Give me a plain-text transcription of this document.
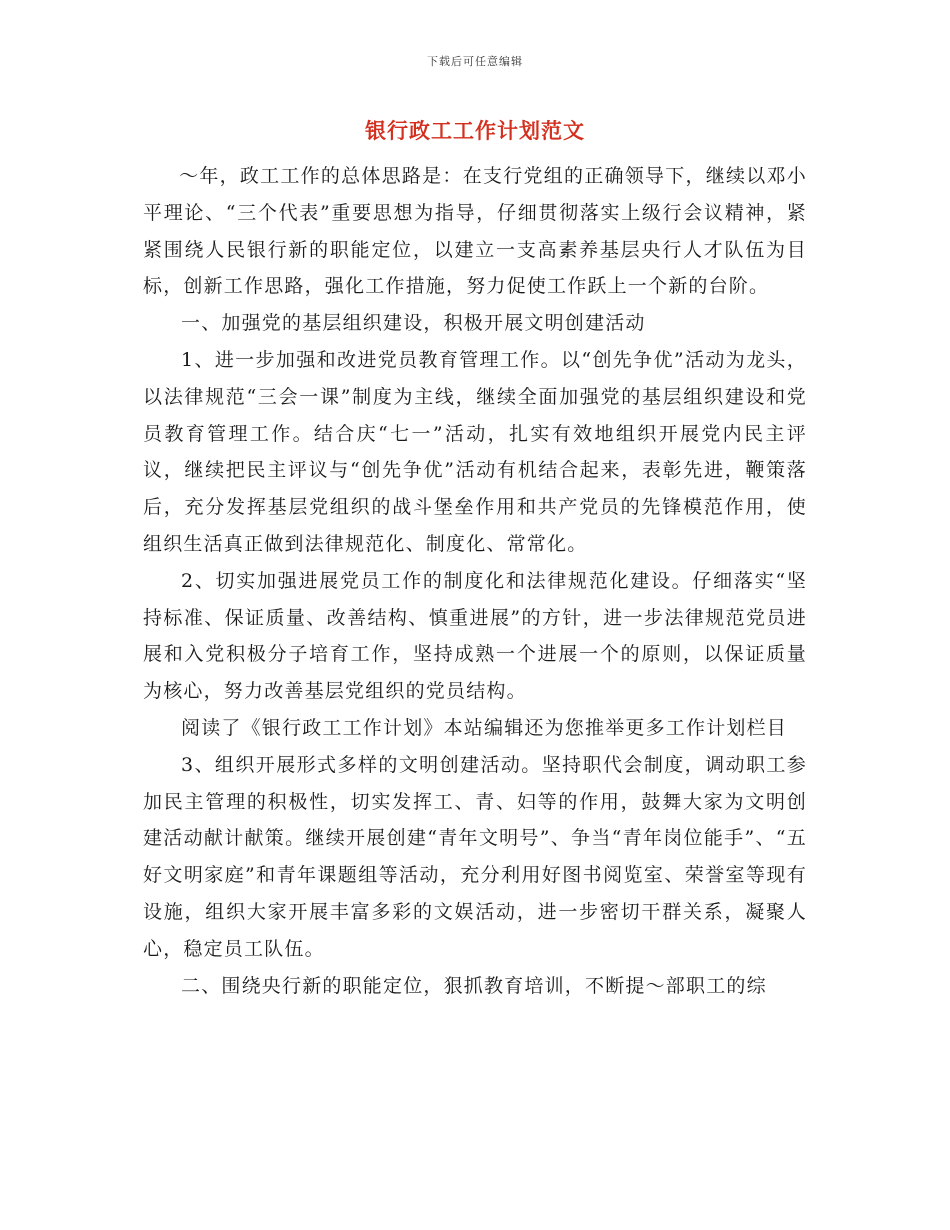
下载后可任意编辑
银行政工工作计划范文

～年，政工工作的总体思路是：在支行党组的正确领导下，继续以邓小平理论、“三个代表”重要思想为指导，仔细贯彻落实上级行会议精神，紧紧围绕人民银行新的职能定位，以建立一支高素养基层央行人才队伍为目标，创新工作思路，强化工作措施，努力促使工作跃上一个新的台阶。

一、加强党的基层组织建设，积极开展文明创建活动

1、进一步加强和改进党员教育管理工作。以“创先争优”活动为龙头，以法律规范“三会一课”制度为主线，继续全面加强党的基层组织建设和党员教育管理工作。结合庆“七一”活动，扎实有效地组织开展党内民主评议，继续把民主评议与“创先争优”活动有机结合起来，表彰先进，鞭策落后，充分发挥基层党组织的战斗堡垒作用和共产党员的先锋模范作用，使组织生活真正做到法律规范化、制度化、常常化。

2、切实加强进展党员工作的制度化和法律规范化建设。仔细落实“坚持标准、保证质量、改善结构、慎重进展”的方针，进一步法律规范党员进展和入党积极分子培育工作，坚持成熟一个进展一个的原则，以保证质量为核心，努力改善基层党组织的党员结构。

阅读了《银行政工工作计划》本站编辑还为您推举更多工作计划栏目

3、组织开展形式多样的文明创建活动。坚持职代会制度，调动职工参加民主管理的积极性，切实发挥工、青、妇等的作用，鼓舞大家为文明创建活动献计献策。继续开展创建“青年文明号”、争当“青年岗位能手”、“五好文明家庭”和青年课题组等活动，充分利用好图书阅览室、荣誉室等现有设施，组织大家开展丰富多彩的文娱活动，进一步密切干群关系，凝聚人心，稳定员工队伍。

二、围绕央行新的职能定位，狠抓教育培训，不断提～部职工的综
